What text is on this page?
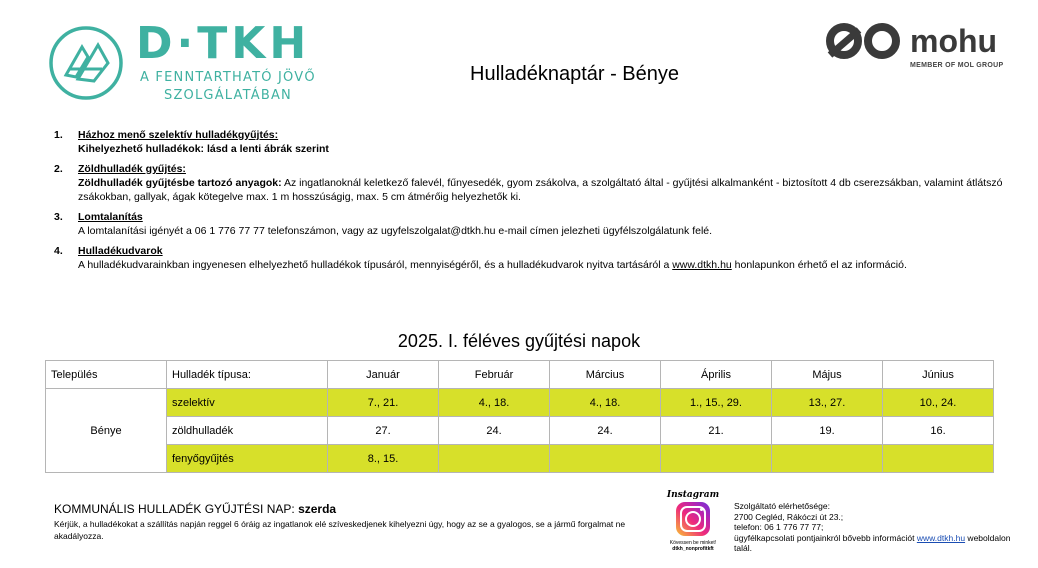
D·TKH
A FENNTARTHATÓ JÖVŐ
SZOLGÁLATÁBAN
Hulladéknaptár - Bénye
mohu
MEMBER OF MOL GROUP
1. Házhoz menő szelektív hulladékgyűjtés:
Kihelyezhető hulladékok: lásd a lenti ábrák szerint
2. Zöldhulladék gyűjtés:
Zöldhulladék gyűjtésbe tartozó anyagok: Az ingatlanoknál keletkező falevél, fűnyesedék, gyom zsákolva, a szolgáltató által - gyűjtési alkalmanként - biztosított 4 db cserezsákban, valamint átlátszó zsákokban, gallyak, ágak kötegelve max. 1 m hosszúságig, max. 5 cm átmérőig helyezhetők ki.
3. Lomtalanítás
A lomtalanítási igényét a 06 1 776 77 77 telefonszámon, vagy az ugyfelszolgalat@dtkh.hu e-mail címen jelezheti ügyfélszolgálatunk felé.
4. Hulladékudvarok
A hulladékudvarainkban ingyenesen elhelyezhető hulladékok típusáról, mennyiségéről, és a hulladékudvarok nyitva tartásáról a www.dtkh.hu honlapunkon érhető el az információ.
2025. I. féléves gyűjtési napok
Település	Hulladék típusa:	Január	Február	Március	Április	Május	Június
Bénye	szelektív	7., 21.	4., 18.	4., 18.	1., 15., 29.	13., 27.	10., 24.
	zöldhulladék	27.	24.	24.	21.	19.	16.
	fenyőgyűjtés	8., 15.					
KOMMUNÁLIS HULLADÉK GYŰJTÉSI NAP: szerda
Kérjük, a hulladékokat a szállítás napján reggel 6 óráig az ingatlanok elé szíveskedjenek kihelyezni úgy, hogy az se a gyalogos, se a jármű forgalmat ne akadályozza.
Instagram
Kövessen be minket!
dtkh_nonprofitkft
Szolgáltató elérhetősége:
2700 Cegléd, Rákóczi út 23.;
telefon: 06 1 776 77 77;
ügyfélkapcsolati pontjainkról bővebb információt www.dtkh.hu weboldalon talál.
